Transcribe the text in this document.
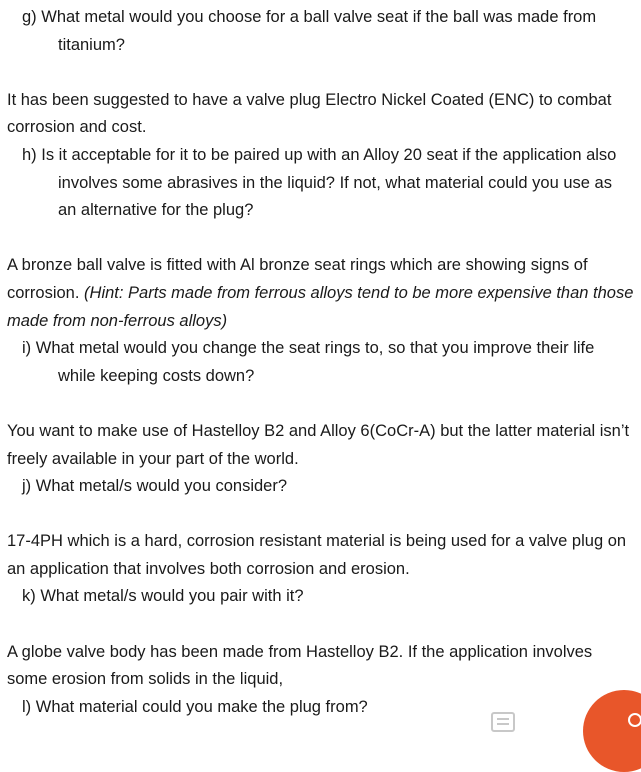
g) What metal would you choose for a ball valve seat if the ball was made from titanium?
It has been suggested to have a valve plug Electro Nickel Coated (ENC) to combat corrosion and cost.
h) Is it acceptable for it to be paired up with an Alloy 20 seat if the application also involves some abrasives in the liquid? If not, what material could you use as an alternative for the plug?
A bronze ball valve is fitted with Al bronze seat rings which are showing signs of corrosion. (Hint: Parts made from ferrous alloys tend to be more expensive than those made from non-ferrous alloys)
i) What metal would you change the seat rings to, so that you improve their life while keeping costs down?
You want to make use of Hastelloy B2 and Alloy 6(CoCr-A) but the latter material isn’t freely available in your part of the world.
j) What metal/s would you consider?
17-4PH which is a hard, corrosion resistant material is being used for a valve plug on an application that involves both corrosion and erosion.
k) What metal/s would you pair with it?
A globe valve body has been made from Hastelloy B2. If the application involves some erosion from solids in the liquid,
l) What material could you make the plug from?
